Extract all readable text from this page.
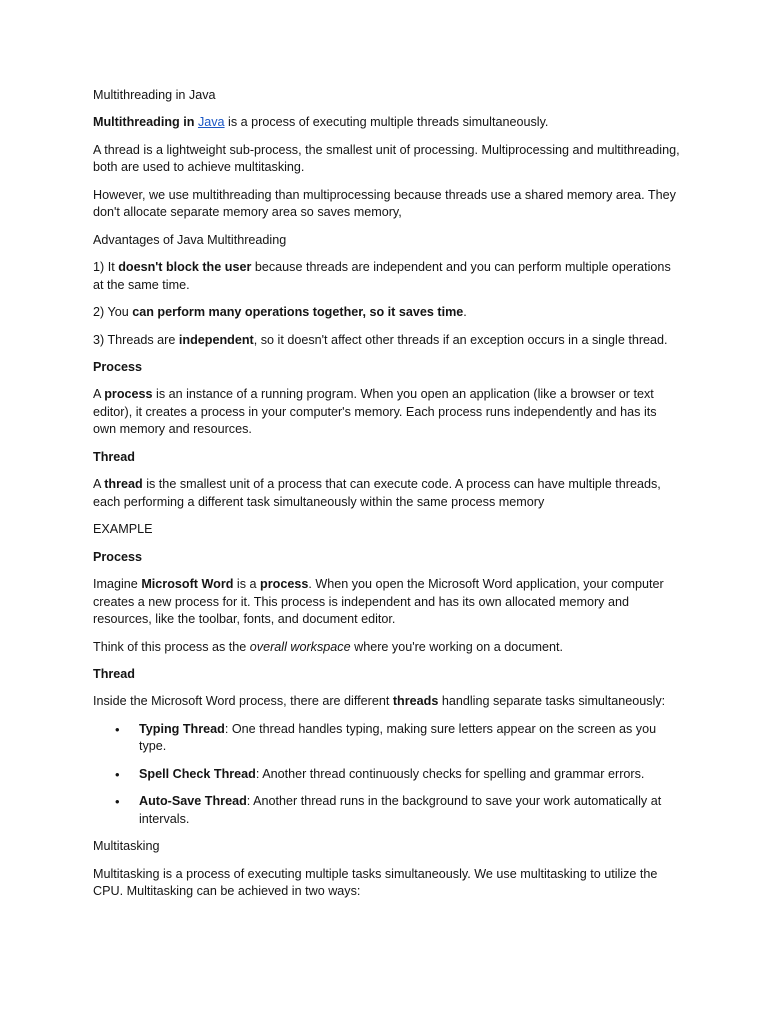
Multithreading in Java

Multithreading in Java is a process of executing multiple threads simultaneously.

A thread is a lightweight sub-process, the smallest unit of processing. Multiprocessing and multithreading, both are used to achieve multitasking.

However, we use multithreading than multiprocessing because threads use a shared memory area. They don't allocate separate memory area so saves memory,

Advantages of Java Multithreading

1) It doesn't block the user because threads are independent and you can perform multiple operations at the same time.

2) You can perform many operations together, so it saves time.

3) Threads are independent, so it doesn't affect other threads if an exception occurs in a single thread.

Process

A process is an instance of a running program. When you open an application (like a browser or text editor), it creates a process in your computer's memory. Each process runs independently and has its own memory and resources.

Thread

A thread is the smallest unit of a process that can execute code. A process can have multiple threads, each performing a different task simultaneously within the same process memory

EXAMPLE

Process

Imagine Microsoft Word is a process. When you open the Microsoft Word application, your computer creates a new process for it. This process is independent and has its own allocated memory and resources, like the toolbar, fonts, and document editor.

Think of this process as the overall workspace where you're working on a document.

Thread

Inside the Microsoft Word process, there are different threads handling separate tasks simultaneously:

• Typing Thread: One thread handles typing, making sure letters appear on the screen as you type.
• Spell Check Thread: Another thread continuously checks for spelling and grammar errors.
• Auto-Save Thread: Another thread runs in the background to save your work automatically at intervals.

Multitasking

Multitasking is a process of executing multiple tasks simultaneously. We use multitasking to utilize the CPU. Multitasking can be achieved in two ways:
